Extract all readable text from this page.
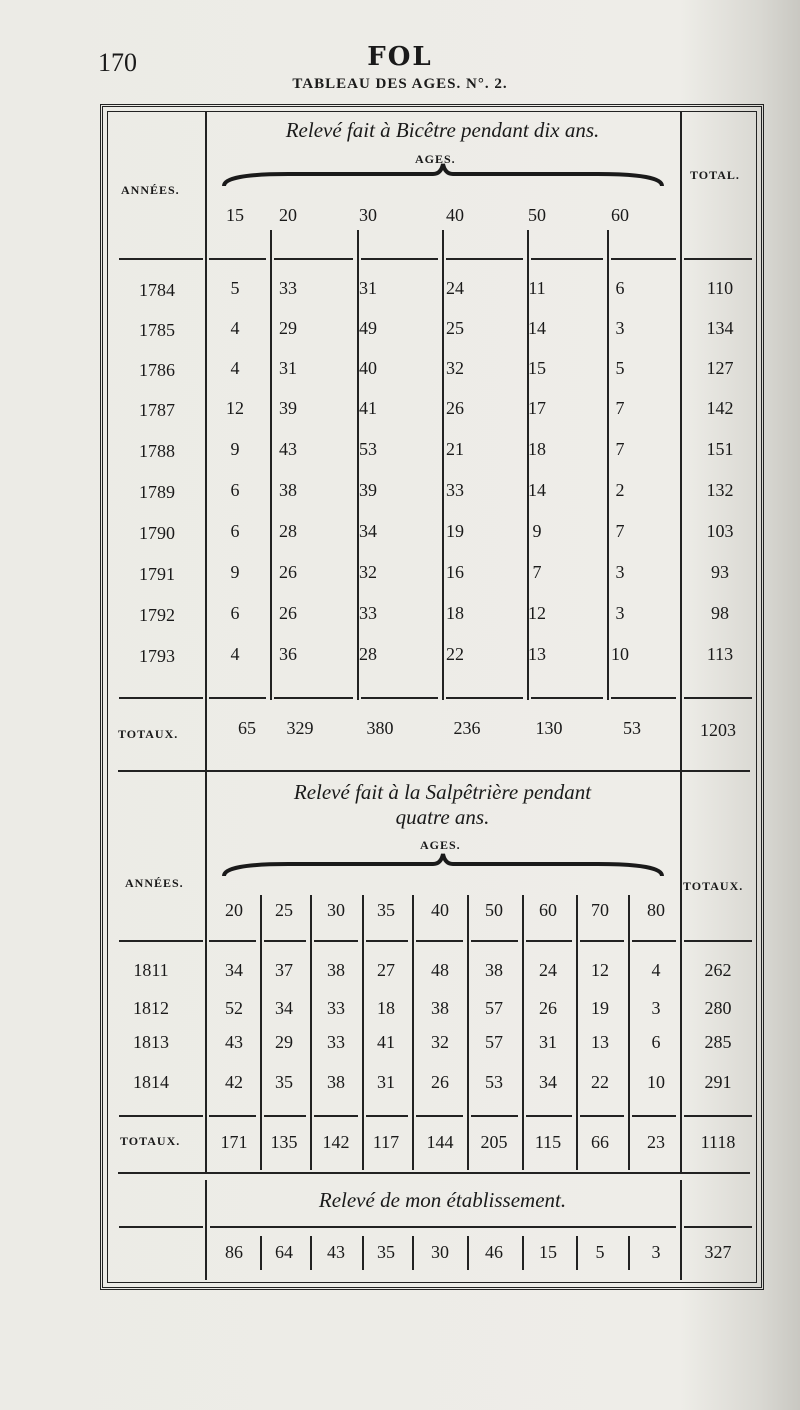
170	FOL
TABLEAU DES AGES. N°. 2.
Relevé fait à Bicêtre pendant dix ans.
AGES.
ANNÉES.
TOTAL.
15	20	30	40	50	60
1784	5	33	31	24	11	6	110
1785	4	29	49	25	14	3	134
1786	4	31	40	32	15	5	127
1787	12	39	41	26	17	7	142
1788	9	43	53	21	18	7	151
1789	6	38	39	33	14	2	132
1790	6	28	34	19	9	7	103
1791	9	26	32	16	7	3	93
1792	6	26	33	18	12	3	98
1793	4	36	28	22	13	10	113
TOTAUX.	65	329	380	236	130	53	1203
Relevé fait à la Salpêtrière pendant
quatre ans.
AGES.
ANNÉES.	TOTAUX.
20	25	30	35	40	50	60	70	80
1811	34	37	38	27	48	38	24	12	4	262
1812	52	34	33	18	38	57	26	19	3	280
1813	43	29	33	41	32	57	31	13	6	285
1814	42	35	38	31	26	53	34	22	10	291
TOTAUX.	171	135	142	117	144	205	115	66	23	1118
Relevé de mon établissement.
86	64	43	35	30	46	15	5	3	327
